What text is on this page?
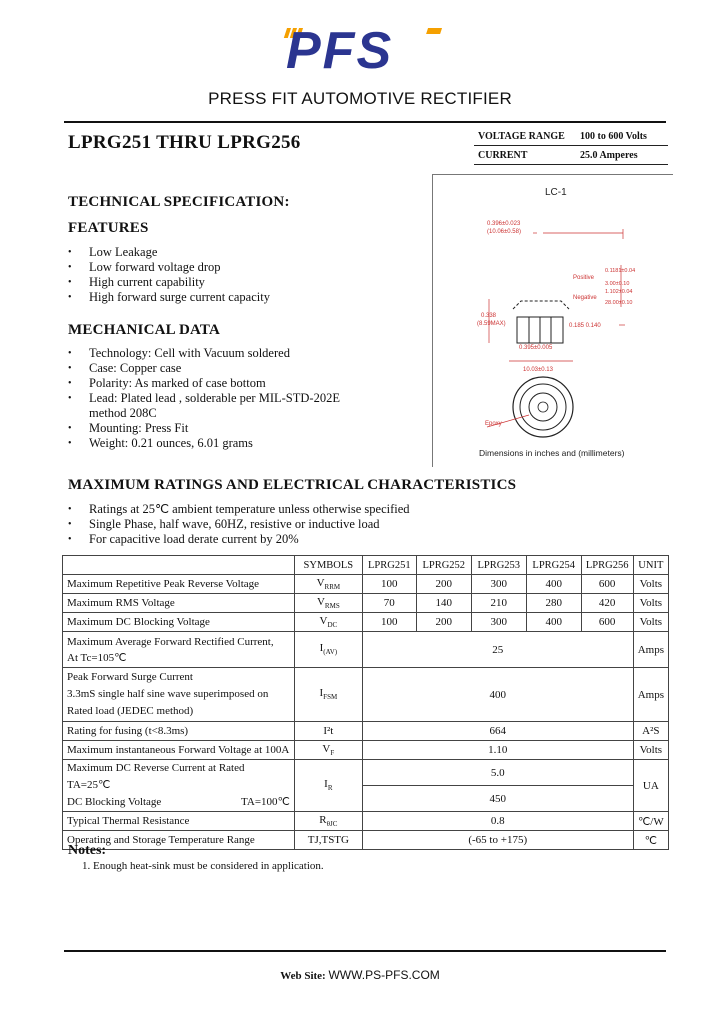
PFS
PRESS FIT AUTOMOTIVE RECTIFIER
LPRG251 THRU LPRG256	VOLTAGE RANGE 100 to 600 Volts
CURRENT	25.0 Amperes
TECHNICAL SPECIFICATION:
FEATURES
• Low Leakage
• Low forward voltage drop
• High current capability
• High forward surge current capacity
MECHANICAL DATA
• Technology: Cell with Vacuum soldered
• Case: Copper case
• Polarity: As marked of case bottom
• Lead: Plated lead , solderable per MIL-STD-202E
method 208C
• Mounting: Press Fit
• Weight: 0.21 ounces, 6.01 grams
LC-1
0.396±0.023
(10.06±0.58)
Positive
0.1181±0.04
3.00±0.10
Negative
1.102±0.04
28.00±0.10
0.338
(8.59MAX)	0.185 0.140
0.395±0.005
10.03±0.13
Epoxy
Dimensions in inches and (millimeters)
MAXIMUM RATINGS AND ELECTRICAL CHARACTERISTICS
• Ratings at 25℃ ambient temperature unless otherwise specified
• Single Phase, half wave, 60HZ, resistive or inductive load
• For capacitive load derate current by 20%
	SYMBOLS	LPRG251	LPRG252	LPRG253	LPRG254	LPRG256	UNIT
Maximum Repetitive Peak Reverse Voltage	$V_{RRM}$	100	200	300	400	600	Volts
Maximum RMS Voltage	$V_{RMS}$	70	140	210	280	420	Volts
Maximum DC Blocking Voltage	$V_{DC}$	100	200	300	400	600	Volts

Maximum Average Forward Rectified Current,
At Tc=105℃	$I_{(AV)}$	25					Amps

Peak Forward Surge Current
3.3mS single half sine wave superimposed on
Rated load (JEDEC method)	$I_{FSM}$	400					Amps
Rating for fusing (t<8.3ms)	I²t	664					A²S
Maximum instantaneous Forward Voltage at 100A	$V_F$	1.10					Volts

Maximum DC Reverse Current at Rated TA=25℃
DC Blocking Voltage TA=100℃	$I_R$	5.0					UA
		450					
Typical Thermal Resistance	$R_{\theta JC}$	0.8					℃/W
Operating and Storage Temperature Range	TJ,TSTG	(-65 to +175)					℃
Notes:
1. Enough heat-sink must be considered in application.
Web Site: WWW.PS-PFS.COM
